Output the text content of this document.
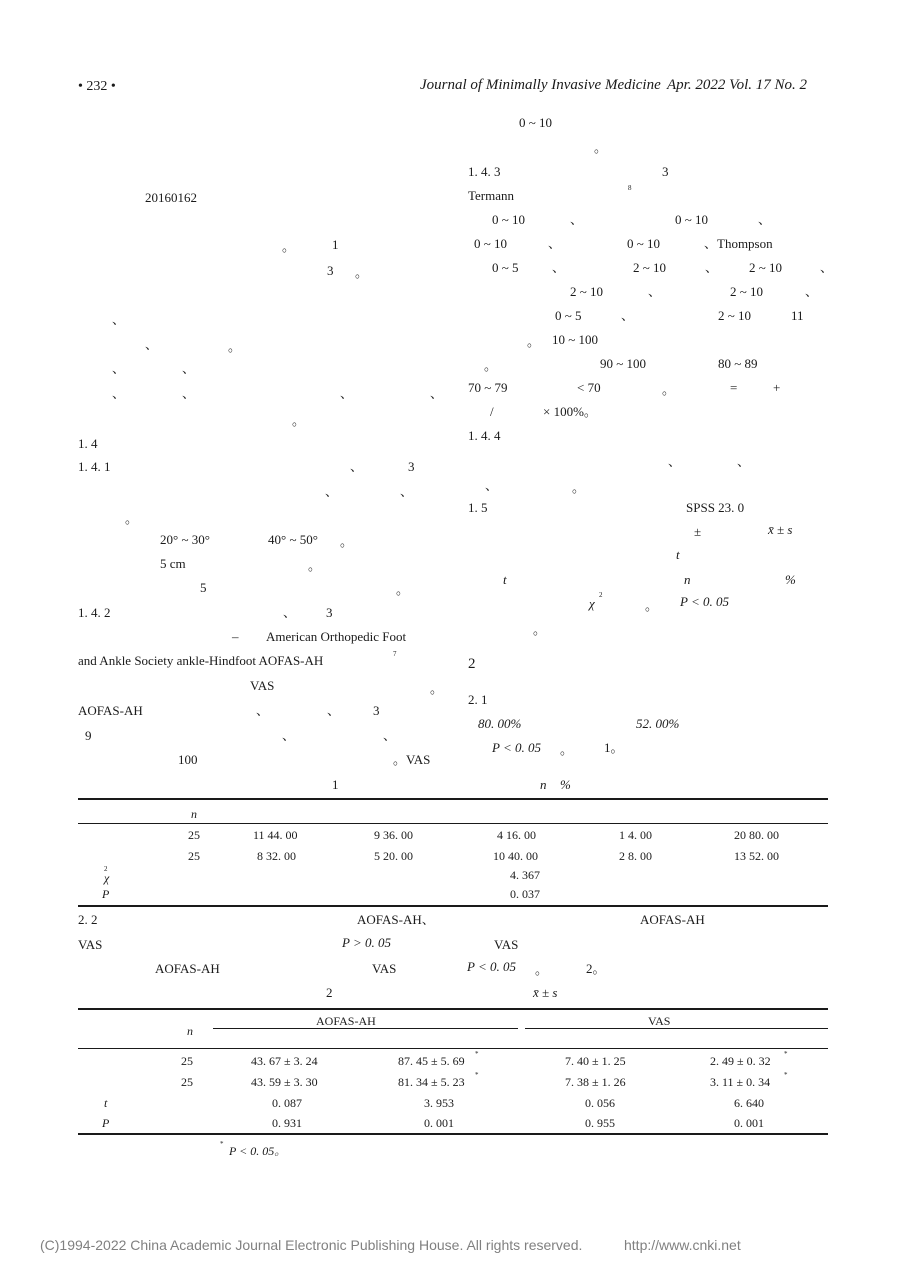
• 232 •	Journal of Minimally Invasive Medicine Apr. 2022 Vol. 17 No. 2
20160162
。	1
3 。
、
、	。
、	、
、	、	、	、
。
1. 4
1. 4. 1	、	3
、	、
。
20° ~ 30°	40° ~ 50° 。
5 cm	。
5	。
1. 4. 2	、 3
– American Orthopedic Foot
and Ankle Society ankle-Hindfoot AOFAS-AH	7
VAS	。
AOFAS-AH	、	、	3
9	、	、
100	。VAS
0 ~ 10
。
1. 4. 3	3
Termann	8
0 ~ 10	、	0 ~ 10	、
0 ~ 10	、	0 ~ 10	、Thompson
0 ~ 5	、	2 ~ 10	、 2 ~ 10	、
2 ~ 10	、	2 ~ 10	、
0 ~ 5	、	2 ~ 10	11
。 10 ~ 100
。	90 ~ 100	80 ~ 89
70 ~ 79	< 70	。	=	+
/	× 100%。
1. 4. 4
、	、
、	。
1. 5	SPSS 23. 0
±	x̄ ± s
t
t	n	%
χ
2
。 P < 0. 05
。
2
2. 1
80. 00%	52. 00%
P < 0. 05 。 1。
1	n %
n
25	11 44. 00	9 36. 00	4 16. 00	1 4. 00	20 80. 00
25	8 32. 00	5 20. 00	10 40. 00	2 8. 00	13 52. 00
χ
2	4. 367
P	0. 037
2. 2	AOFAS-AH、	AOFAS-AH
VAS	P > 0. 05	VAS
AOFAS-AH	VAS	P < 0. 05 。	2。
2	x̄ ± s
AOFAS-AH	VAS
n
25	43. 67 ± 3. 24	87. 45 ± 5. 69 *	7. 40 ± 1. 25	2. 49 ± 0. 32 *
25	43. 59 ± 3. 30	81. 34 ± 5. 23 *	7. 38 ± 1. 26	3. 11 ± 0. 34 *
t	0. 087	3. 953	0. 056	6. 640
P	0. 931	0. 001	0. 955	0. 001
* P < 0. 05。
(C)1994-2022 China Academic Journal Electronic Publishing House. All rights reserved.	http://www.cnki.net
